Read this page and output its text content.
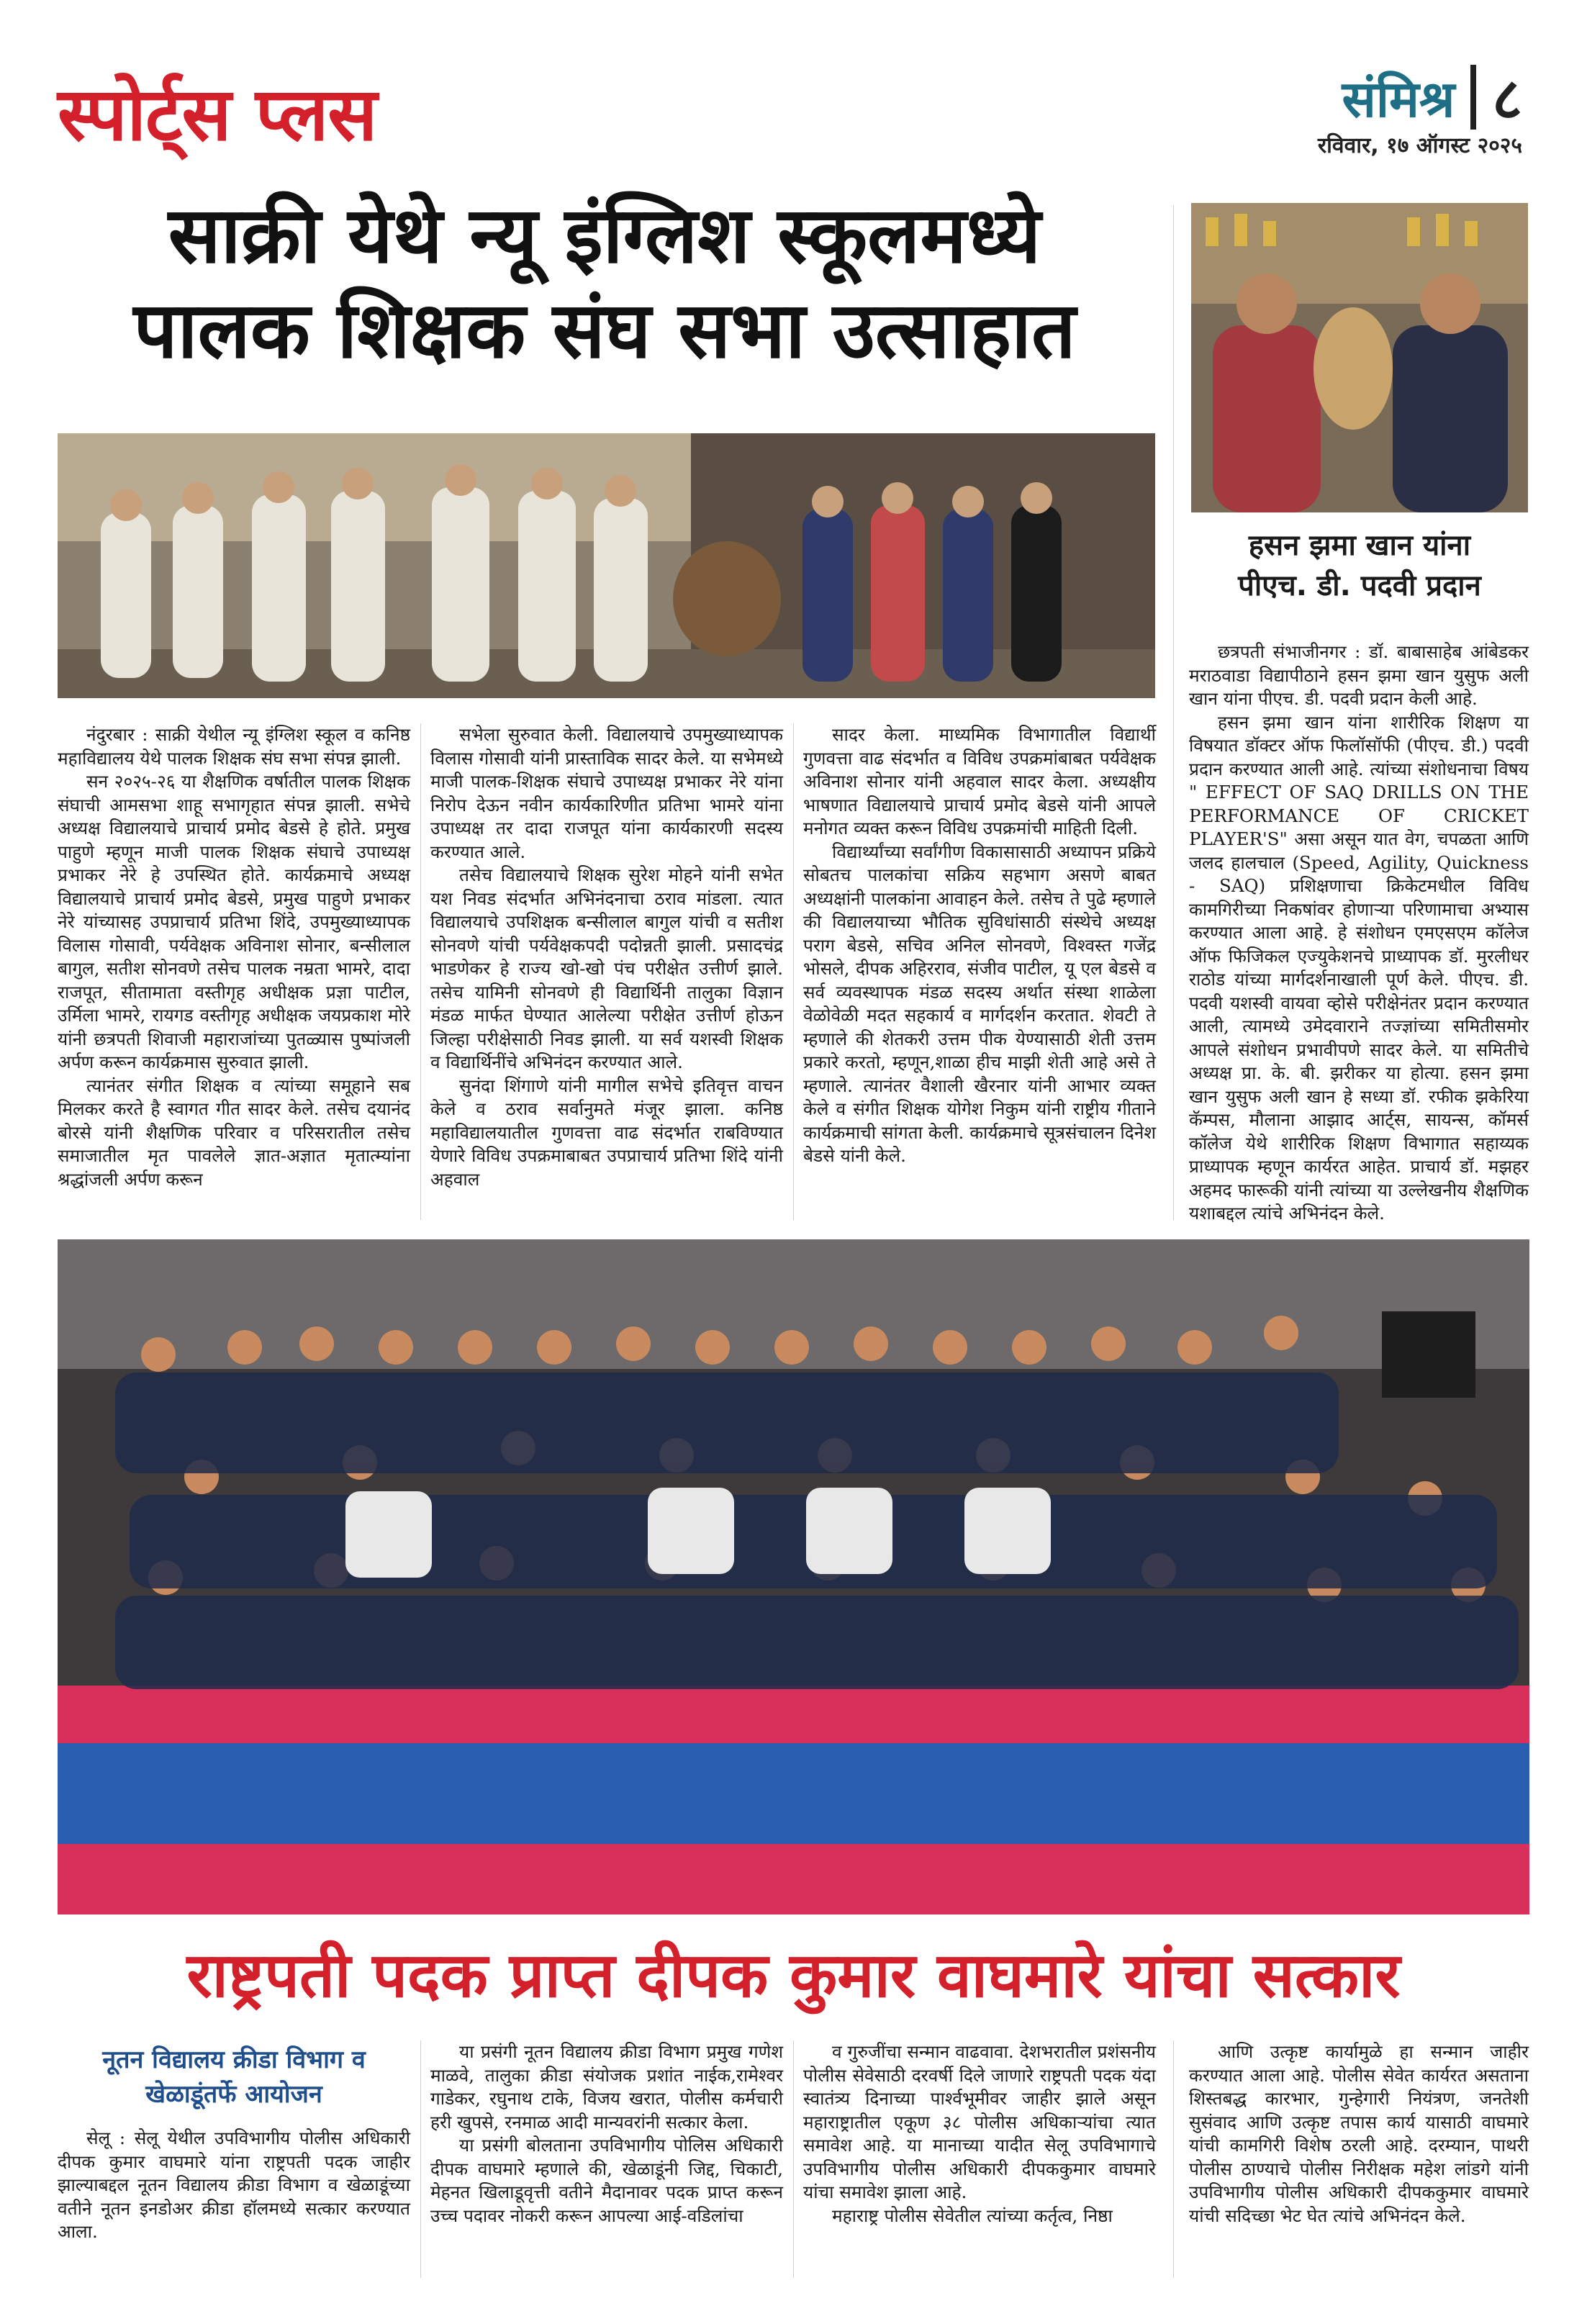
स्पोर्ट्स प्लस	संमिश्र ८
रविवार, १७ ऑगस्ट २०२५
साक्री येथे न्यू इंग्लिश स्कूलमध्ये
पालक शिक्षक संघ सभा उत्साहात
हसन झमा खान यांना
पीएच. डी. पदवी प्रदान

नंदुरबार : साक्री येथील न्यू इंग्लिश स्कूल व कनिष्ठ महाविद्यालय येथे पालक शिक्षक संघ सभा संपन्न झाली.

सन २०२५-२६ या शैक्षणिक वर्षातील पालक शिक्षक संघाची आमसभा शाहू सभागृहात संपन्न झाली. सभेचे अध्यक्ष विद्यालयाचे प्राचार्य प्रमोद बेडसे हे होते. प्रमुख पाहुणे म्हणून माजी पालक शिक्षक संघाचे उपाध्यक्ष प्रभाकर नेरे हे उपस्थित होते. कार्यक्रमाचे अध्यक्ष विद्यालयाचे प्राचार्य प्रमोद बेडसे, प्रमुख पाहुणे प्रभाकर नेरे यांच्यासह उपप्राचार्य प्रतिभा शिंदे, उपमुख्याध्यापक विलास गोसावी, पर्यवेक्षक अविनाश सोनार, बन्सीलाल बागुल, सतीश सोनवणे तसेच पालक नम्रता भामरे, दादा राजपूत, सीतामाता वस्तीगृह अधीक्षक प्रज्ञा पाटील, उर्मिला भामरे, रायगड वस्तीगृह अधीक्षक जयप्रकाश मोरे यांनी छत्रपती शिवाजी महाराजांच्या पुतळ्यास पुष्पांजली अर्पण करून कार्यक्रमास सुरुवात झाली.

त्यानंतर संगीत शिक्षक व त्यांच्या समूहाने सब मिलकर करते है स्वागत गीत सादर केले. तसेच दयानंद बोरसे यांनी शैक्षणिक परिवार व परिसरातील तसेच समाजातील मृत पावलेले ज्ञात-अज्ञात मृतात्म्यांना श्रद्धांजली अर्पण करून

सभेला सुरुवात केली. विद्यालयाचे उपमुख्याध्यापक विलास गोसावी यांनी प्रास्ताविक सादर केले. या सभेमध्ये माजी पालक-शिक्षक संघाचे उपाध्यक्ष प्रभाकर नेरे यांना निरोप देऊन नवीन कार्यकारिणीत प्रतिभा भामरे यांना उपाध्यक्ष तर दादा राजपूत यांना कार्यकारणी सदस्य करण्यात आले.

तसेच विद्यालयाचे शिक्षक सुरेश मोहने यांनी सभेत यश निवड संदर्भात अभिनंदनाचा ठराव मांडला. त्यात विद्यालयाचे उपशिक्षक बन्सीलाल बागुल यांची व सतीश सोनवणे यांची पर्यवेक्षकपदी पदोन्नती झाली. प्रसादचंद्र भाडणेकर हे राज्य खो-खो पंच परीक्षेत उत्तीर्ण झाले. तसेच यामिनी सोनवणे ही विद्यार्थिनी तालुका विज्ञान मंडळ मार्फत घेण्यात आलेल्या परीक्षेत उत्तीर्ण होऊन जिल्हा परीक्षेसाठी निवड झाली. या सर्व यशस्वी शिक्षक व विद्यार्थिनींचे अभिनंदन करण्यात आले.

सुनंदा शिंगाणे यांनी मागील सभेचे इतिवृत्त वाचन केले व ठराव सर्वानुमते मंजूर झाला. कनिष्ठ महाविद्यालयातील गुणवत्ता वाढ संदर्भात राबविण्यात येणारे विविध उपक्रमाबाबत उपप्राचार्य प्रतिभा शिंदे यांनी अहवाल

सादर केला. माध्यमिक विभागातील विद्यार्थी गुणवत्ता वाढ संदर्भात व विविध उपक्रमांबाबत पर्यवेक्षक अविनाश सोनार यांनी अहवाल सादर केला. अध्यक्षीय भाषणात विद्यालयाचे प्राचार्य प्रमोद बेडसे यांनी आपले मनोगत व्यक्त करून विविध उपक्रमांची माहिती दिली.

विद्यार्थ्यांच्या सर्वांगीण विकासासाठी अध्यापन प्रक्रिये सोबतच पालकांचा सक्रिय सहभाग असणे बाबत अध्यक्षांनी पालकांना आवाहन केले. तसेच ते पुढे म्हणाले की विद्यालयाच्या भौतिक सुविधांसाठी संस्थेचे अध्यक्ष पराग बेडसे, सचिव अनिल सोनवणे, विश्वस्त गजेंद्र भोसले, दीपक अहिरराव, संजीव पाटील, यू एल बेडसे व सर्व व्यवस्थापक मंडळ सदस्य अर्थात संस्था शाळेला वेळोवेळी मदत सहकार्य व मार्गदर्शन करतात. शेवटी ते म्हणाले की शेतकरी उत्तम पीक येण्यासाठी शेती उत्तम प्रकारे करतो, म्हणून,शाळा हीच माझी शेती आहे असे ते म्हणाले. त्यानंतर वैशाली खैरनार यांनी आभार व्यक्त केले व संगीत शिक्षक योगेश निकुम यांनी राष्ट्रीय गीताने कार्यक्रमाची सांगता केली. कार्यक्रमाचे सूत्रसंचालन दिनेश बेडसे यांनी केले.

छत्रपती संभाजीनगर : डॉ. बाबासाहेब आंबेडकर मराठवाडा विद्यापीठाने हसन झमा खान युसुफ अली खान यांना पीएच. डी. पदवी प्रदान केली आहे.

हसन झमा खान यांना शारीरिक शिक्षण या विषयात डॉक्टर ऑफ फिलॉसॉफी (पीएच. डी.) पदवी प्रदान करण्यात आली आहे. त्यांच्या संशोधनाचा विषय " EFFECT OF SAQ DRILLS ON THE PERFORMANCE OF CRICKET PLAYER'S" असा असून यात वेग, चपळता आणि जलद हालचाल (Speed, Agility, Quickness - SAQ) प्रशिक्षणाचा क्रिकेटमधील विविध कामगिरीच्या निकषांवर होणाऱ्या परिणामाचा अभ्यास करण्यात आला आहे. हे संशोधन एमएसएम कॉलेज ऑफ फिजिकल एज्युकेशनचे प्राध्यापक डॉ. मुरलीधर राठोड यांच्या मार्गदर्शनाखाली पूर्ण केले. पीएच. डी. पदवी यशस्वी वायवा व्होसे परीक्षेनंतर प्रदान करण्यात आली, त्यामध्ये उमेदवाराने तज्ज्ञांच्या समितीसमोर आपले संशोधन प्रभावीपणे सादर केले. या समितीचे अध्यक्ष प्रा. के. बी. झरीकर या होत्या. हसन झमा खान युसुफ अली खान हे सध्या डॉ. रफीक झकेरिया कॅम्पस, मौलाना आझाद आर्ट्स, सायन्स, कॉमर्स कॉलेज येथे शारीरिक शिक्षण विभागात सहाय्यक प्राध्यापक म्हणून कार्यरत आहेत. प्राचार्य डॉ. मझहर अहमद फारूकी यांनी त्यांच्या या उल्लेखनीय शैक्षणिक यशाबद्दल त्यांचे अभिनंदन केले.

राष्ट्रपती पदक प्राप्त दीपक कुमार वाघमारे यांचा सत्कार
नूतन विद्यालय क्रीडा विभाग व
खेळाडूंतर्फे आयोजन

सेलू : सेलू येथील उपविभागीय पोलीस अधिकारी दीपक कुमार वाघमारे यांना राष्ट्रपती पदक जाहीर झाल्याबद्दल नूतन विद्यालय क्रीडा विभाग व खेळाडूंच्या वतीने नूतन इनडोअर क्रीडा हॉलमध्ये सत्कार करण्यात आला.

या प्रसंगी नूतन विद्यालय क्रीडा विभाग प्रमुख गणेश माळवे, तालुका क्रीडा संयोजक प्रशांत नाईक,रामेश्वर गाडेकर, रघुनाथ टाके, विजय खरात, पोलीस कर्मचारी हरी खुपसे, रनमाळ आदी मान्यवरांनी सत्कार केला.

या प्रसंगी बोलताना उपविभागीय पोलिस अधिकारी दीपक वाघमारे म्हणाले की, खेळाडूंनी जिद्द, चिकाटी, मेहनत खिलाडूवृत्ती वतीने मैदानावर पदक प्राप्त करून उच्च पदावर नोकरी करून आपल्या आई-वडिलांचा

व गुरुजींचा सन्मान वाढवावा. देशभरातील प्रशंसनीय पोलीस सेवेसाठी दरवर्षी दिले जाणारे राष्ट्रपती पदक यंदा स्वातंत्र्य दिनाच्या पार्श्वभूमीवर जाहीर झाले असून महाराष्ट्रातील एकूण ३८ पोलीस अधिकाऱ्यांचा त्यात समावेश आहे. या मानाच्या यादीत सेलू उपविभागाचे उपविभागीय पोलीस अधिकारी दीपककुमार वाघमारे यांचा समावेश झाला आहे.

महाराष्ट्र पोलीस सेवेतील त्यांच्या कर्तृत्व, निष्ठा

आणि उत्कृष्ट कार्यामुळे हा सन्मान जाहीर करण्यात आला आहे. पोलीस सेवेत कार्यरत असताना शिस्तबद्ध कारभार, गुन्हेगारी नियंत्रण, जनतेशी सुसंवाद आणि उत्कृष्ट तपास कार्य यासाठी वाघमारे यांची कामगिरी विशेष ठरली आहे. दरम्यान, पाथरी पोलीस ठाण्याचे पोलीस निरीक्षक महेश लांडगे यांनी उपविभागीय पोलीस अधिकारी दीपककुमार वाघमारे यांची सदिच्छा भेट घेत त्यांचे अभिनंदन केले.
